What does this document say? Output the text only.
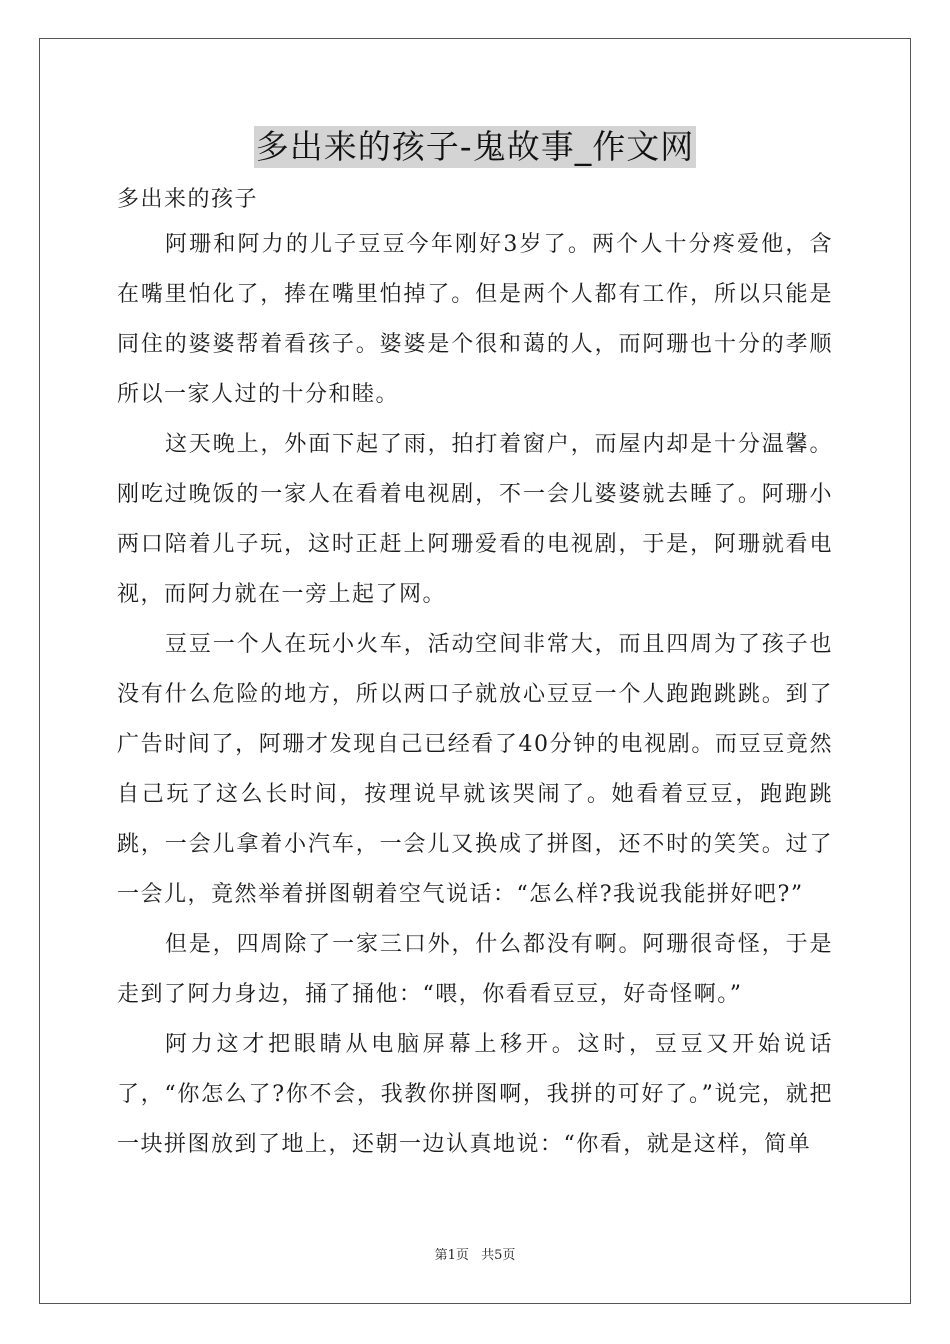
多出来的孩子-鬼故事_作文网

多出来的孩子

阿珊和阿力的儿子豆豆今年刚好3岁了。两个人十分疼爱他，含在嘴里怕化了，捧在嘴里怕掉了。但是两个人都有工作，所以只能是同住的婆婆帮着看孩子。婆婆是个很和蔼的人，而阿珊也十分的孝顺所以一家人过的十分和睦。

这天晚上，外面下起了雨，拍打着窗户，而屋内却是十分温馨。刚吃过晚饭的一家人在看着电视剧，不一会儿婆婆就去睡了。阿珊小两口陪着儿子玩，这时正赶上阿珊爱看的电视剧，于是，阿珊就看电视，而阿力就在一旁上起了网。

豆豆一个人在玩小火车，活动空间非常大，而且四周为了孩子也没有什么危险的地方，所以两口子就放心豆豆一个人跑跑跳跳。到了广告时间了，阿珊才发现自己已经看了40分钟的电视剧。而豆豆竟然自己玩了这么长时间，按理说早就该哭闹了。她看着豆豆，跑跑跳跳，一会儿拿着小汽车，一会儿又换成了拼图，还不时的笑笑。过了一会儿，竟然举着拼图朝着空气说话：“怎么样?我说我能拼好吧?”

但是，四周除了一家三口外，什么都没有啊。阿珊很奇怪，于是走到了阿力身边，捅了捅他：“喂，你看看豆豆，好奇怪啊。”

阿力这才把眼睛从电脑屏幕上移开。这时，豆豆又开始说话了，“你怎么了?你不会，我教你拼图啊，我拼的可好了。”说完，就把一块拼图放到了地上，还朝一边认真地说：“你看，就是这样，简单

第1页 共5页
